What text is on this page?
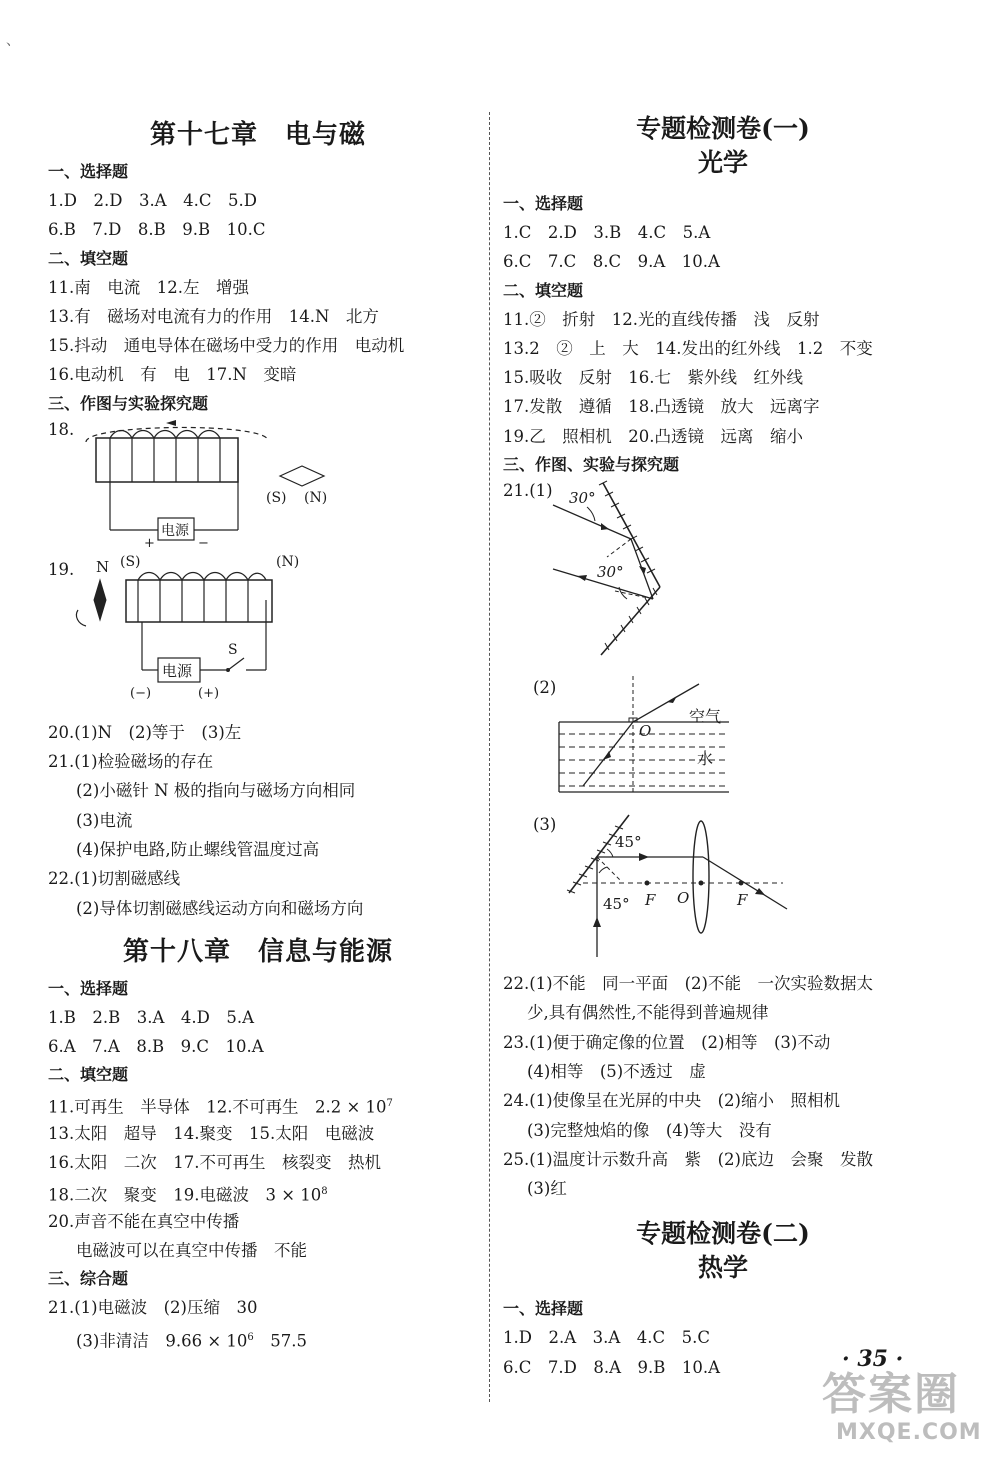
、
第十七章　电与磁
一、选择题
1.D　2.D　3.A　4.C　5.D
6.B　7.D　8.B　9.B　10.C
二、填空题
11.南　电流　12.左　增强
13.有　磁场对电流有力的作用　14.N　北方
15.抖动　通电导体在磁场中受力的作用　电动机
16.电动机　有　电　17.N　变暗
三、作图与实验探究题
18.
电源
+	−
(S) (N)
19. N (S)	(N)
电源
S
(−)	(+)
20.(1)N　(2)等于　(3)左
21.(1)检验磁场的存在
(2)小磁针 N 极的指向与磁场方向相同
(3)电流
(4)保护电路,防止螺线管温度过高
22.(1)切割磁感线
(2)导体切割磁感线运动方向和磁场方向
第十八章　信息与能源
一、选择题
1.B　2.B　3.A　4.D　5.A
6.A　7.A　8.B　9.C　10.A
二、填空题
11.可再生　半导体　12.不可再生　$2.2 \times 10^7$
13.太阳　超导　14.聚变　15.太阳　电磁波
16.太阳　二次　17.不可再生　核裂变　热机
18.二次　聚变　19.电磁波　$3 \times 10^8$
20.声音不能在真空中传播
电磁波可以在真空中传播　不能
三、综合题
21.(1)电磁波　(2)压缩　30
(3)非清洁　$9.66 \times 10^6$　57.5
专题检测卷(一)
光学
一、选择题
1.C　2.D　3.B　4.C　5.A
6.C　7.C　8.C　9.A　10.A
二、填空题
11.②　折射　12.光的直线传播　浅　反射
13.2　②　上　大　14.发出的红外线　1.2　不变
15.吸收　反射　16.七　紫外线　红外线
17.发散　遵循　18.凸透镜　放大　远离字
19.乙　照相机　20.凸透镜　远离　缩小
三、作图、实验与探究题
21.(1) 30°
30°
(2)
空气
O
水
(3)
45°
45° F O	F
22.(1)不能　同一平面　(2)不能　一次实验数据太
少,具有偶然性,不能得到普遍规律
23.(1)便于确定像的位置　(2)相等　(3)不动
(4)相等　(5)不透过　虚
24.(1)使像呈在光屏的中央　(2)缩小　照相机
(3)完整烛焰的像　(4)等大　没有
25.(1)温度计示数升高　紫　(2)底边　会聚　发散
(3)红
专题检测卷(二)
热学
一、选择题
1.D　2.A　3.A　4.C　5.C
6.C　7.D　8.A　9.B　10.A	· 35 ·
答案圈
MXQE.COM
